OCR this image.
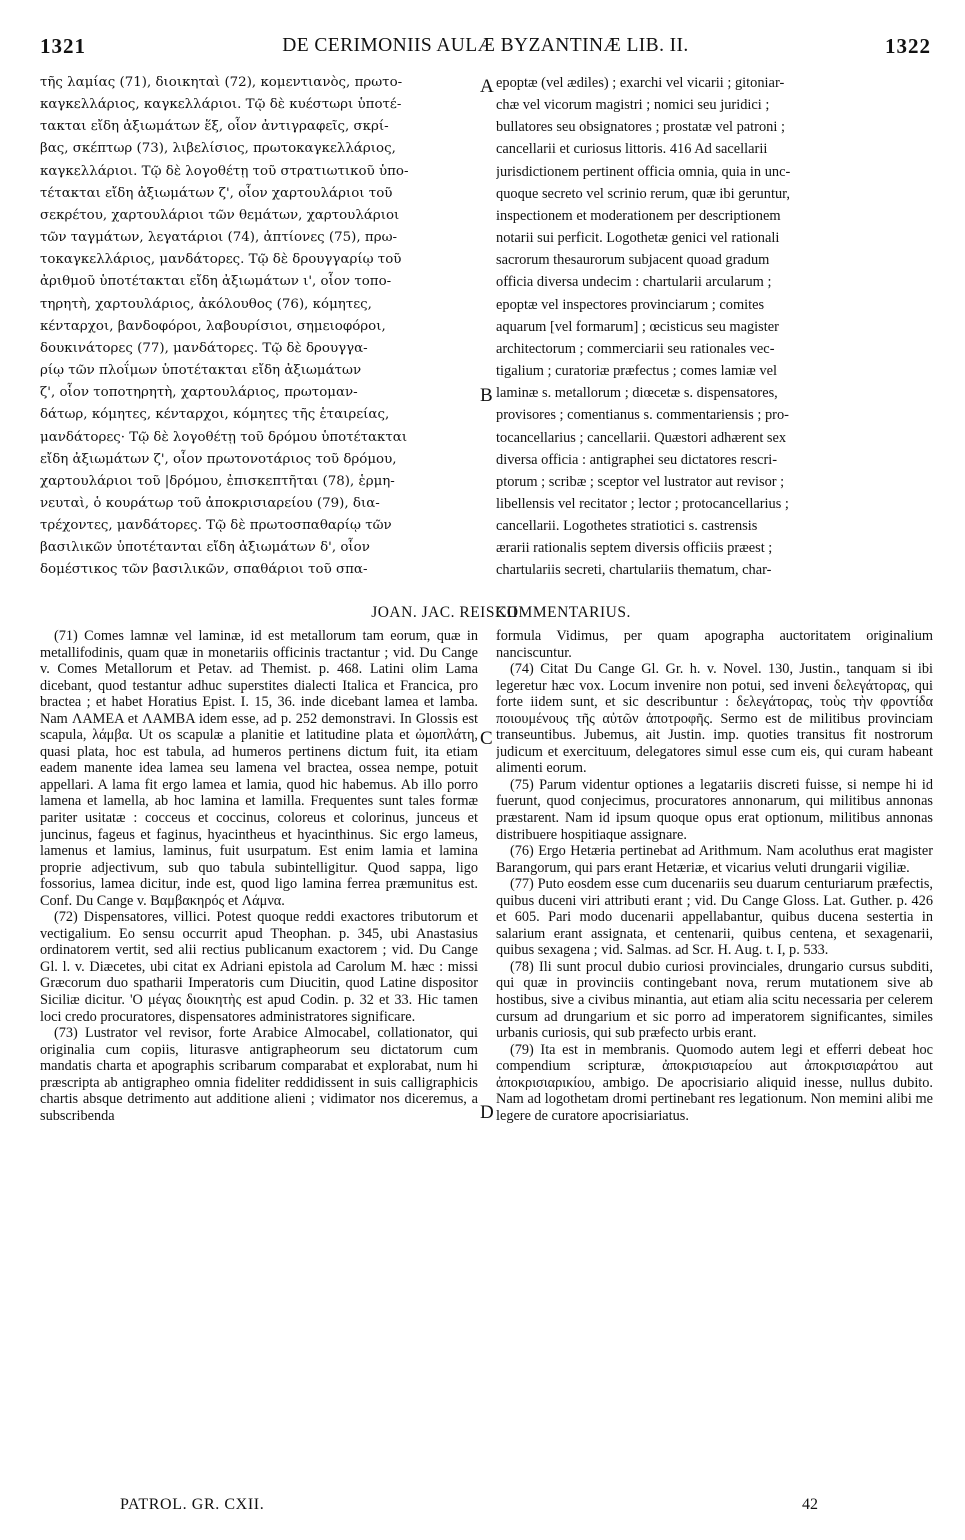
1321	DE CERIMONIIS AULÆ BYZANTINÆ LIB. II.	1322
τῆς λαμίας (71), διοικηταὶ (72), κομεντιανὸς, πρωτο-
καγκελλάριος, καγκελλάριοι. Τῷ δὲ κυέστωρι ὑποτέ-
τακται εἴδη ἀξιωμάτων ἕξ, οἷον ἀντιγραφεῖς, σκρί-
βας, σκέπτωρ (73), λιβελίσιος, πρωτοκαγκελλάριος,
καγκελλάριοι. Τῷ δὲ λογοθέτῃ τοῦ στρατιωτικοῦ ὑπο-
τέτακται εἴδη ἀξιωμάτων ζ', οἷον χαρτουλάριοι τοῦ
σεκρέτου, χαρτουλάριοι τῶν θεμάτων, χαρτουλάριοι
τῶν ταγμάτων, λεγατάριοι (74), ἀπτίονες (75), πρω-
τοκαγκελλάριος, μανδάτορες. Τῷ δὲ δρουγγαρίῳ τοῦ
ἀριθμοῦ ὑποτέτακται εἴδη ἀξιωμάτων ι', οἷον τοπο-
τηρητὴ, χαρτουλάριος, ἀκόλουθος (76), κόμητες,
κένταρχοι, βανδοφόροι, λαβουρίσιοι, σημειοφόροι,
δουκινάτορες (77), μανδάτορες. Τῷ δὲ δρουγγα-
ρίῳ τῶν πλοΐμων ὑποτέτακται εἴδη ἀξιωμάτων
ζ', οἷον τοποτηρητὴ, χαρτουλάριος, πρωτομαν-
δάτωρ, κόμητες, κένταρχοι, κόμητες τῆς ἑταιρείας,
μανδάτορες· Τῷ δὲ λογοθέτῃ τοῦ δρόμου ὑποτέτακται
εἴδη ἀξιωμάτων ζ', οἷον πρωτονοτάριος τοῦ δρόμου,
χαρτουλάριοι τοῦ |δρόμου, ἐπισκεπτῆται (78), ἑρμη-
νευταὶ, ὁ κουράτωρ τοῦ ἀποκρισιαρείου (79), δια-
τρέχοντες, μανδάτορες. Τῷ δὲ πρωτοσπαθαρίῳ τῶν
βασιλικῶν ὑποτέτανται εἴδη ἀξιωμάτων δ', οἷον
δομέστικος τῶν βασιλικῶν, σπαθάριοι τοῦ σπα-
epoptæ (vel ædiles) ; exarchi vel vicarii ; gitoniar-
chæ vel vicorum magistri ; nomici seu juridici ;
bullatores seu obsignatores ; prostatæ vel patroni ;
cancellarii et curiosus littoris. 416 Ad sacellarii
jurisdictionem pertinent officia omnia, quia in unc-
quoque secreto vel scrinio rerum, quæ ibi geruntur,
inspectionem et moderationem per descriptionem
notarii sui perficit. Logothetæ genici vel rationali
sacrorum thesaurorum subjacent quoad gradum
officia diversa undecim : chartularii arcularum ;
epoptæ vel inspectores provinciarum ; comites
aquarum [vel formarum] ; œcisticus seu magister
architectorum ; commerciarii seu rationales vec-
tigalium ; curatoriæ præfectus ; comes lamiæ vel
laminæ s. metallorum ; diœcetæ s. dispensatores,
provisores ; comentianus s. commentariensis ; pro-
tocancellarius ; cancellarii. Quæstori adhærent sex
diversa officia : antigraphei seu dictatores rescri-
ptorum ; scribæ ; sceptor vel lustrator aut revisor ;
libellensis vel recitator ; lector ; protocancellarius ;
cancellarii. Logothetes stratiotici s. castrensis
ærarii rationalis septem diversis officiis præest ;
chartulariis secreti, chartulariis thematum, char-
A
B
C
D
JOAN. JAC. REISKII
COMMENTARIUS.

(71) Comes lamnæ vel laminæ, id est metallorum tam eorum, quæ in metallifodinis, quam quæ in monetariis officinis tractantur ; vid. Du Cange v. Comes Metallorum et Petav. ad Themist. p. 468. Latini olim Lama dicebant, quod testantur adhuc superstites dialecti Italica et Francica, pro bractea ; et habet Horatius Epist. I. 15, 36. inde dicebant lamea et lamba. Nam ΛΑΜΕΑ et ΛΑΜΒΑ idem esse, ad p. 252 demonstravi. In Glossis est scapula, λάμβα. Ut os scapulæ a planitie et latitudine plata et ὠμοπλάτη, quasi plata, hoc est tabula, ad humeros pertinens dictum fuit, ita etiam eadem manente idea lamea seu lamena vel bractea, ossea nempe, potuit appellari. A lama fit ergo lamea et lamia, quod hic habemus. Ab illo porro lamena et lamella, ab hoc lamina et lamilla. Frequentes sunt tales formæ pariter usitatæ : cocceus et coccinus, coloreus et colorinus, junceus et juncinus, fageus et faginus, hyacintheus et hyacinthinus. Sic ergo lameus, lamenus et lamius, laminus, fuit usurpatum. Est enim lamia et lamina proprie adjectivum, sub quo tabula subintelligitur. Quod sappa, ligo fossorius, lamea dicitur, inde est, quod ligo lamina ferrea præmunitus est. Conf. Du Cange v. Βαμβακηρός et Λάμνα.

(72) Dispensatores, villici. Potest quoque reddi exactores tributorum et vectigalium. Eo sensu occurrit apud Theophan. p. 345, ubi Anastasius ordinatorem vertit, sed alii rectius publicanum exactorem ; vid. Du Cange Gl. l. v. Diæcetes, ubi citat ex Adriani epistola ad Carolum M. hæc : missi Græcorum duo spatharii Imperatoris cum Diucitin, quod Latine dispositor Siciliæ dicitur. 'Ο μέγας διοικητὴς est apud Codin. p. 32 et 33. Hic tamen loci credo procuratores, dispensatores administratores significare.

(73) Lustrator vel revisor, forte Arabice Almocabel, collationator, qui originalia cum copiis, liturasve antigrapheorum seu dictatorum cum mandatis charta et apographis scribarum comparabat et explorabat, num hi præscripta ab antigrapheo omnia fideliter reddidissent in suis calligraphicis chartis absque detrimento aut additione alieni ; vidimator nos diceremus, a subscribenda

formula Vidimus, per quam apographa auctoritatem originalium nanciscuntur.

(74) Citat Du Cange Gl. Gr. h. v. Novel. 130, Justin., tanquam si ibi legeretur hæc vox. Locum invenire non potui, sed inveni δελεγάτορας, qui forte iidem sunt, et sic describuntur : δελεγάτορας, τοὺς τὴν φροντίδα ποιουμένους τῆς αὐτῶν ἀποτροφῆς. Sermo est de militibus provinciam transeuntibus. Jubemus, ait Justin. imp. quoties transitus fit nostrorum judicum et exercituum, delegatores simul esse cum eis, qui curam habeant alimenti eorum.

(75) Parum videntur optiones a legatariis discreti fuisse, si nempe hi id fuerunt, quod conjecimus, procuratores annonarum, qui militibus annonas præstarent. Nam id ipsum quoque opus erat optionum, militibus annonas distribuere hospitiaque assignare.

(76) Ergo Hetæria pertinebat ad Arithmum. Nam acoluthus erat magister Barangorum, qui pars erant Hetæriæ, et vicarius veluti drungarii vigiliæ.

(77) Puto eosdem esse cum ducenariis seu duarum centuriarum præfectis, quibus duceni viri attributi erant ; vid. Du Cange Gloss. Lat. Guther. p. 426 et 605. Pari modo ducenarii appellabantur, quibus ducena sestertia in salarium erant assignata, et centenarii, quibus centena, et sexagenarii, quibus sexagena ; vid. Salmas. ad Scr. H. Aug. t. I, p. 533.

(78) Ili sunt procul dubio curiosi provinciales, drungario cursus subditi, qui quæ in provinciis contingebant nova, rerum mutationem sive ab hostibus, sive a civibus minantia, aut etiam alia scitu necessaria per celerem cursum ad drungarium et sic porro ad imperatorem significantes, similes urbanis curiosis, qui sub præfecto urbis erant.

(79) Ita est in membranis. Quomodo autem legi et efferri debeat hoc compendium scripturæ, ἀποκρισιαρείου aut ἀποκρισιαράτου aut ἀποκρισιαρικίου, ambigo. De apocrisiario aliquid inesse, nullus dubito. Nam ad logothetam dromi pertinebant res legationum. Non memini alibi me legere de curatore apocrisiariatus.

PATROL. GR. CXII.	42
